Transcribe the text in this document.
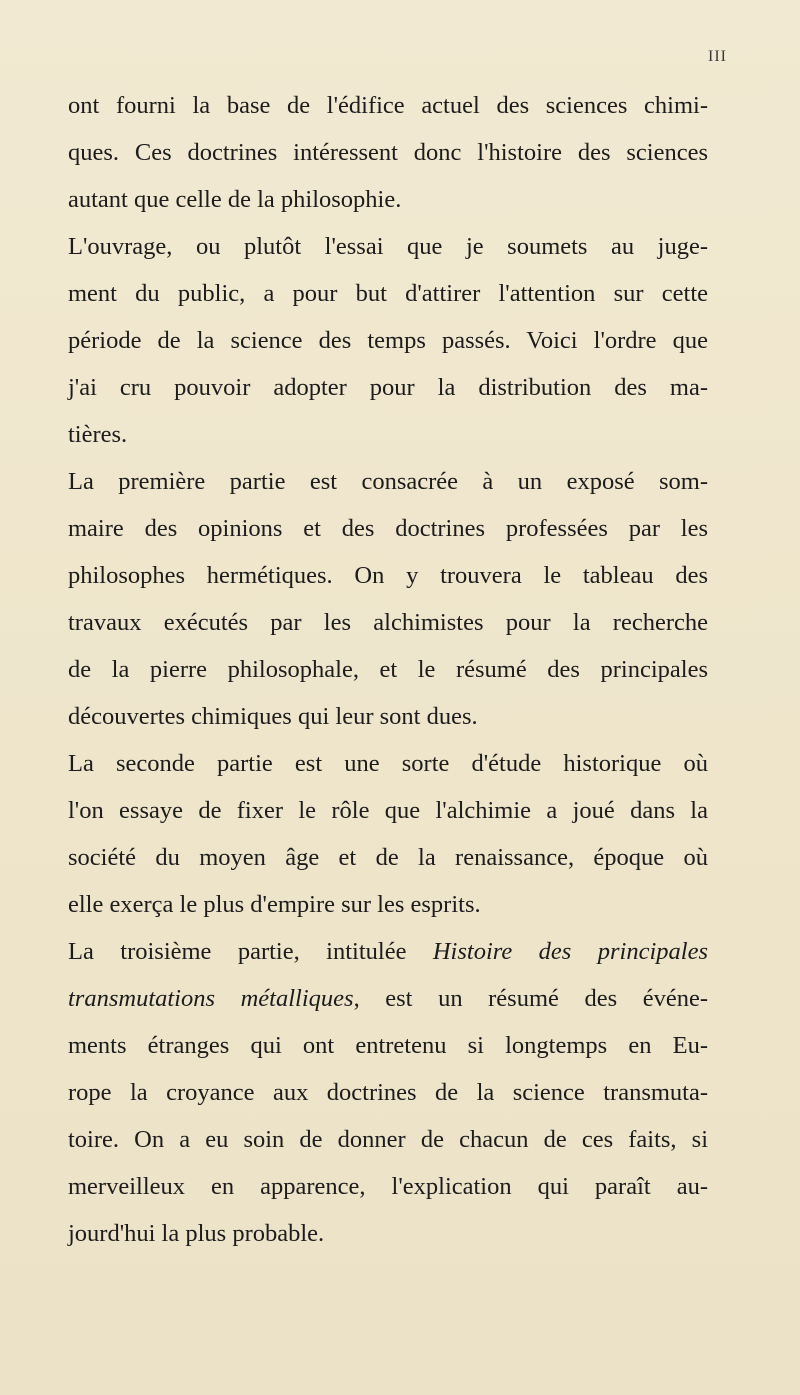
III
ont fourni la base de l'édifice actuel des sciences chimi-
ques. Ces doctrines intéressent donc l'histoire des sciences
autant que celle de la philosophie.
L'ouvrage, ou plutôt l'essai que je soumets au juge-
ment du public, a pour but d'attirer l'attention sur cette
période de la science des temps passés. Voici l'ordre que
j'ai cru pouvoir adopter pour la distribution des ma-
tières.
La première partie est consacrée à un exposé som-
maire des opinions et des doctrines professées par les
philosophes hermétiques. On y trouvera le tableau des
travaux exécutés par les alchimistes pour la recherche
de la pierre philosophale, et le résumé des principales
découvertes chimiques qui leur sont dues.
La seconde partie est une sorte d'étude historique où
l'on essaye de fixer le rôle que l'alchimie a joué dans la
société du moyen âge et de la renaissance, époque où
elle exerça le plus d'empire sur les esprits.
La troisième partie, intitulée Histoire des principales
transmutations métalliques, est un résumé des événe-
ments étranges qui ont entretenu si longtemps en Eu-
rope la croyance aux doctrines de la science transmuta-
toire. On a eu soin de donner de chacun de ces faits, si
merveilleux en apparence, l'explication qui paraît au-
jourd'hui la plus probable.
